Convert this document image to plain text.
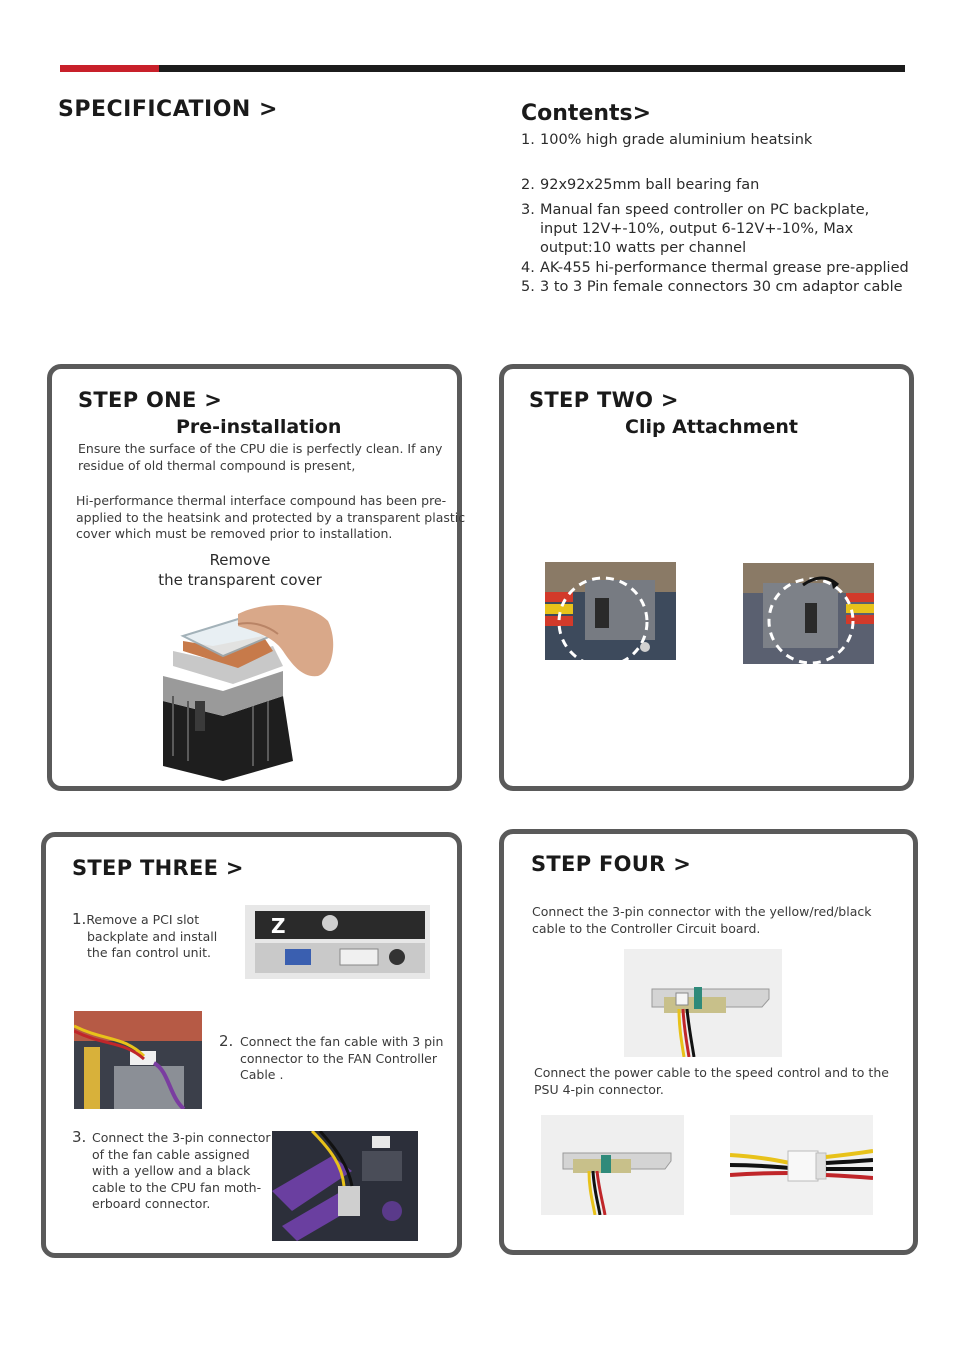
SPECIFICATION >	Contents>
1. 100% high grade aluminium heatsink
2. 92x92x25mm ball bearing fan
3. Manual fan speed controller on PC backplate,
input 12V+-10%, output 6-12V+-10%, Max
output:10 watts per channel
4. AK-455 hi-performance thermal grease pre-applied
5. 3 to 3 Pin female connectors 30 cm adaptor cable
STEP ONE >
Pre-installation
Ensure the surface of the CPU die is perfectly clean. If any
residue of old thermal compound is present,
Hi-performance thermal interface compound has been pre-
applied to the heatsink and protected by a transparent plastic
cover which must be removed prior to installation.
Remove
the transparent cover
STEP TWO >
Clip Attachment
STEP THREE >
1.Remove a PCI slot
backplate and install
the fan control unit.
Z
2. Connect the fan cable with 3 pin
connector to the FAN Controller
Cable .
3. Connect the 3-pin connector
of the fan cable assigned
with a yellow and a black
cable to the CPU fan moth-
erboard connector.
STEP FOUR >
Connect the 3-pin connector with the yellow/red/black
cable to the Controller Circuit board.
Connect the power cable to the speed control and to the
PSU 4-pin connector.
